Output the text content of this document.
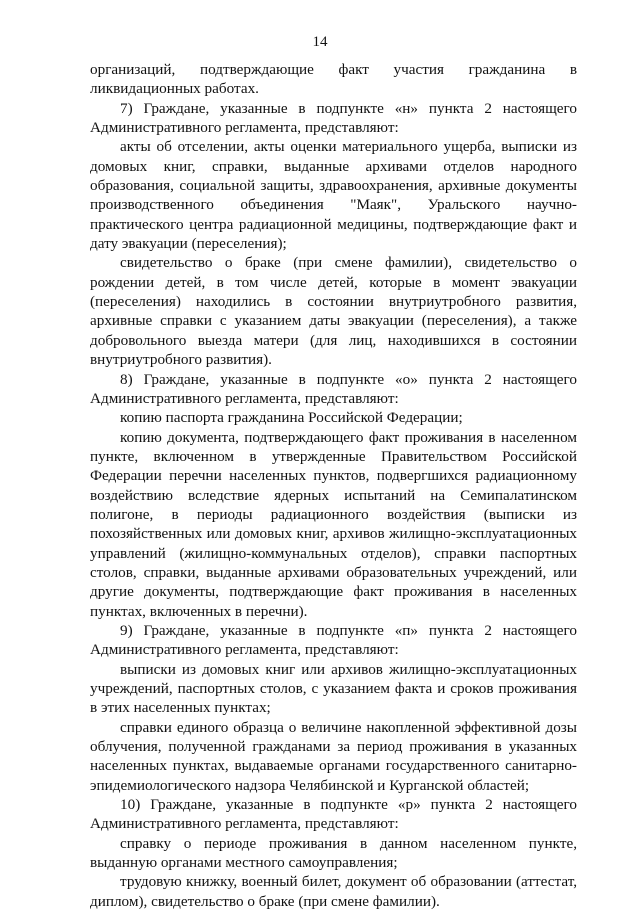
14

организаций, подтверждающие факт участия гражданина в ликвидационных работах.

7) Граждане, указанные в подпункте «н» пункта 2 настоящего Административного регламента, представляют:

акты об отселении, акты оценки материального ущерба, выписки из домовых книг, справки, выданные архивами отделов народного образования, социальной защиты, здравоохранения, архивные документы производственного объединения "Маяк", Уральского научно-практического центра радиационной медицины, подтверждающие факт и дату эвакуации (переселения);

свидетельство о браке (при смене фамилии), свидетельство о рождении детей, в том числе детей, которые в момент эвакуации (переселения) находились в состоянии внутриутробного развития, архивные справки с указанием даты эвакуации (переселения), а также добровольного выезда матери (для лиц, находившихся в состоянии внутриутробного развития).

8) Граждане, указанные в подпункте «о» пункта 2 настоящего Административного регламента, представляют:

копию паспорта гражданина Российской Федерации;

копию документа, подтверждающего факт проживания в населенном пункте, включенном в утвержденные Правительством Российской Федерации перечни населенных пунктов, подвергшихся радиационному воздействию вследствие ядерных испытаний на Семипалатинском полигоне, в периоды радиационного воздействия (выписки из похозяйственных или домовых книг, архивов жилищно-эксплуатационных управлений (жилищно-коммунальных отделов), справки паспортных столов, справки, выданные архивами образовательных учреждений, или другие документы, подтверждающие факт проживания в населенных пунктах, включенных в перечни).

9) Граждане, указанные в подпункте «п» пункта 2 настоящего Административного регламента, представляют:

выписки из домовых книг или архивов жилищно-эксплуатационных учреждений, паспортных столов, с указанием факта и сроков проживания в этих населенных пунктах;

справки единого образца о величине накопленной эффективной дозы облучения, полученной гражданами за период проживания в указанных населенных пунктах, выдаваемые органами государственного санитарно-эпидемиологического надзора Челябинской и Курганской областей;

10) Граждане, указанные в подпункте «р» пункта 2 настоящего Административного регламента, представляют:

справку о периоде проживания в данном населенном пункте, выданную органами местного самоуправления;

трудовую книжку, военный билет, документ об образовании (аттестат, диплом), свидетельство о браке (при смене фамилии).
